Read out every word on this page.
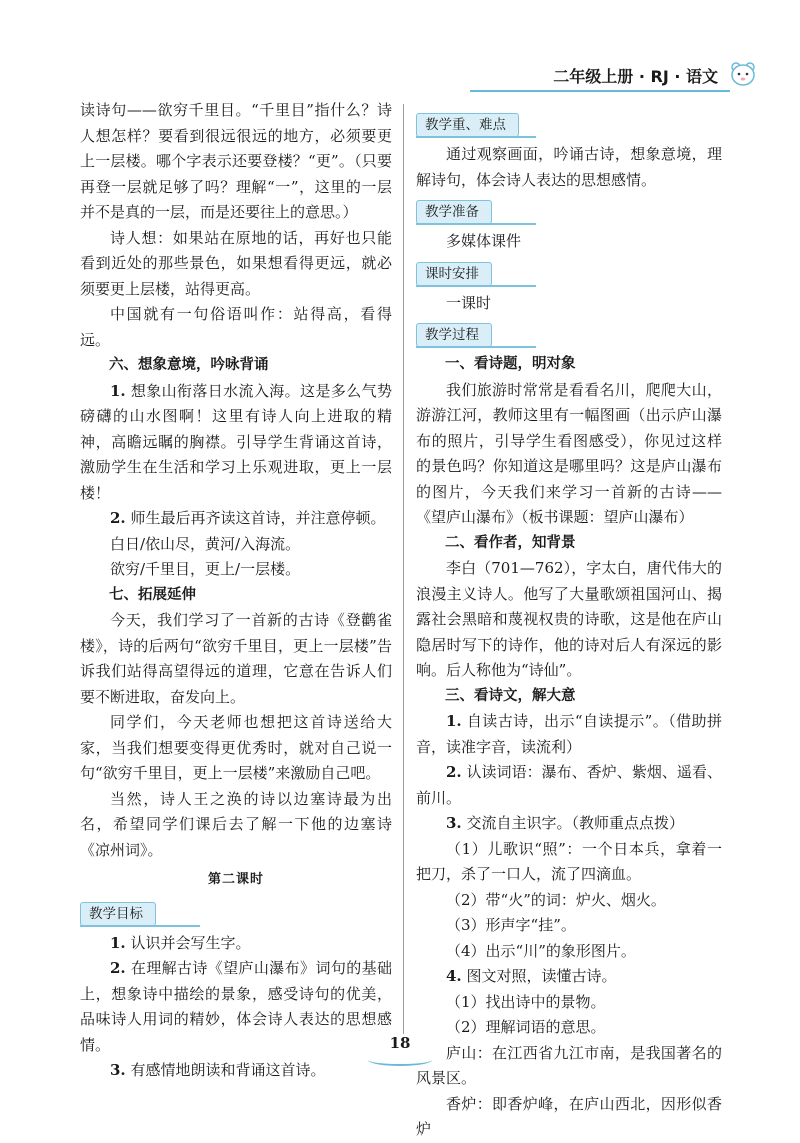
二年级上册 · RJ · 语文

读诗句——欲穷千里目。“千里目”指什么？诗人想怎样？要看到很远很远的地方，必须要更上一层楼。哪个字表示还要登楼？“更”。（只要再登一层就足够了吗？理解“一”，这里的一层并不是真的一层，而是还要往上的意思。）

诗人想：如果站在原地的话，再好也只能看到近处的那些景色，如果想看得更远，就必须要更上层楼，站得更高。

中国就有一句俗语叫作：站得高，看得远。

六、想象意境，吟咏背诵

1. 想象山衔落日水流入海。这是多么气势磅礴的山水图啊！这里有诗人向上进取的精神，高瞻远瞩的胸襟。引导学生背诵这首诗，激励学生在生活和学习上乐观进取，更上一层楼！

2. 师生最后再齐读这首诗，并注意停顿。

白日/依山尽，黄河/入海流。

欲穷/千里目，更上/一层楼。

七、拓展延伸

今天，我们学习了一首新的古诗《登鹳雀楼》，诗的后两句“欲穷千里目，更上一层楼”告诉我们站得高望得远的道理，它意在告诉人们要不断进取，奋发向上。

同学们，今天老师也想把这首诗送给大家，当我们想要变得更优秀时，就对自己说一句“欲穷千里目，更上一层楼”来激励自己吧。

当然，诗人王之涣的诗以边塞诗最为出名，希望同学们课后去了解一下他的边塞诗《凉州词》。

第二课时

教学目标

1. 认识并会写生字。

2. 在理解古诗《望庐山瀑布》词句的基础上，想象诗中描绘的景象，感受诗句的优美，品味诗人用词的精妙，体会诗人表达的思想感情。

3. 有感情地朗读和背诵这首诗。

教学重、难点

通过观察画面，吟诵古诗，想象意境，理解诗句，体会诗人表达的思想感情。

教学准备

多媒体课件

课时安排

一课时

教学过程

一、看诗题，明对象

我们旅游时常常是看看名川，爬爬大山，游游江河，教师这里有一幅图画（出示庐山瀑布的照片，引导学生看图感受），你见过这样的景色吗？你知道这是哪里吗？这是庐山瀑布的图片，今天我们来学习一首新的古诗——《望庐山瀑布》（板书课题：望庐山瀑布）

二、看作者，知背景

李白（701—762），字太白，唐代伟大的浪漫主义诗人。他写了大量歌颂祖国河山、揭露社会黑暗和蔑视权贵的诗歌，这是他在庐山隐居时写下的诗作，他的诗对后人有深远的影响。后人称他为“诗仙”。

三、看诗文，解大意

1. 自读古诗，出示“自读提示”。（借助拼音，读准字音，读流利）

2. 认读词语：瀑布、香炉、紫烟、遥看、前川。

3. 交流自主识字。（教师重点点拨）

（1）儿歌识“照”：一个日本兵，拿着一把刀，杀了一口人，流了四滴血。

（2）带“火”的词：炉火、烟火。

（3）形声字“挂”。

（4）出示“川”的象形图片。

4. 图文对照，读懂古诗。

（1）找出诗中的景物。

（2）理解词语的意思。

庐山：在江西省九江市南，是我国著名的风景区。

香炉：即香炉峰，在庐山西北，因形似香炉

18
